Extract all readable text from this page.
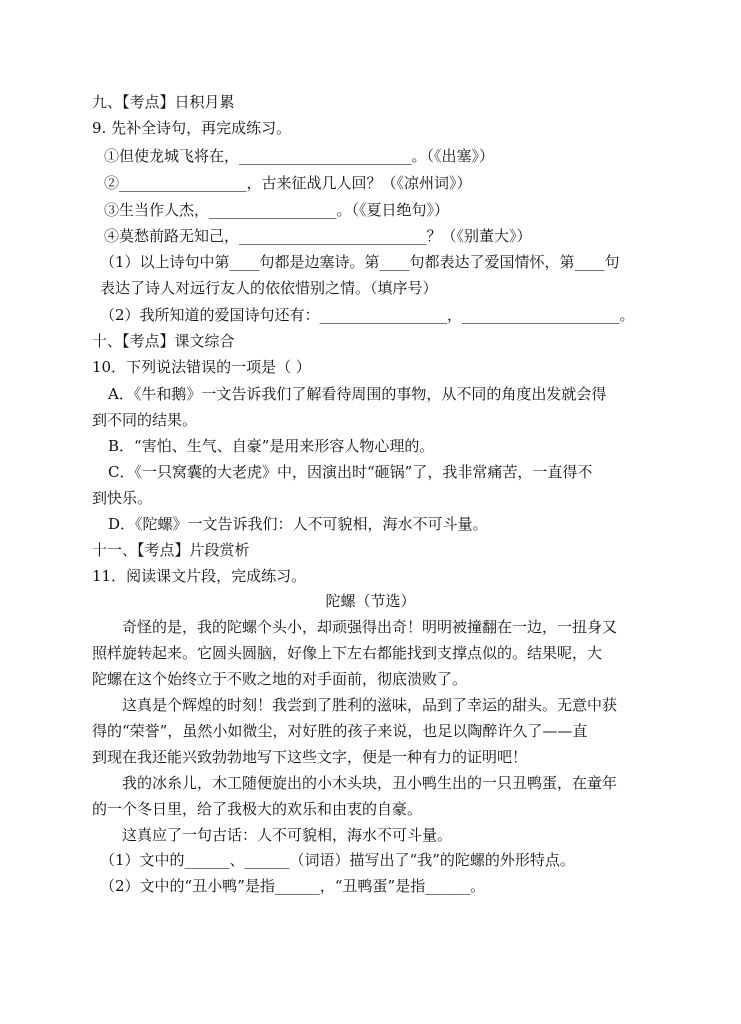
九、【考点】日积月累
9. 先补全诗句，再完成练习。
①但使龙城飞将在，_______________________。（《出塞》）
②_________________，古来征战几人回？（《凉州词》）
③生当作人杰，_________________。（《夏日绝句》）
④莫愁前路无知己，_________________________？（《别董大》）
（1）以上诗句中第____句都是边塞诗。第____句都表达了爱国情怀，第____句
表达了诗人对远行友人的依依惜别之情。（填序号）
（2）我所知道的爱国诗句还有：_________________，_____________________。
十、【考点】课文综合
10．下列说法错误的一项是（ ）
A．《牛和鹅》一文告诉我们了解看待周围的事物，从不同的角度出发就会得
到不同的结果。
B．“害怕、生气、自豪”是用来形容人物心理的。
C．《一只窝囊的大老虎》中，因演出时“砸锅”了，我非常痛苦，一直得不
到快乐。
D．《陀螺》一文告诉我们：人不可貌相，海水不可斗量。
十一、【考点】片段赏析
11．阅读课文片段，完成练习。
陀螺（节选）
奇怪的是，我的陀螺个头小，却顽强得出奇！明明被撞翻在一边，一扭身又
照样旋转起来。它圆头圆脑，好像上下左右都能找到支撑点似的。结果呢，大
陀螺在这个始终立于不败之地的对手面前，彻底溃败了。
这真是个辉煌的时刻！我尝到了胜利的滋味，品到了幸运的甜头。无意中获
得的“荣誉”，虽然小如微尘，对好胜的孩子来说，也足以陶醉许久了——直
到现在我还能兴致勃勃地写下这些文字，便是一种有力的证明吧！
我的冰糸儿，木工随便旋出的小木头块，丑小鸭生出的一只丑鸭蛋，在童年
的一个冬日里，给了我极大的欢乐和由衷的自豪。
这真应了一句古话：人不可貌相，海水不可斗量。
（1）文中的______、______（词语）描写出了“我”的陀螺的外形特点。
（2）文中的“丑小鸭”是指______，“丑鸭蛋”是指______。
